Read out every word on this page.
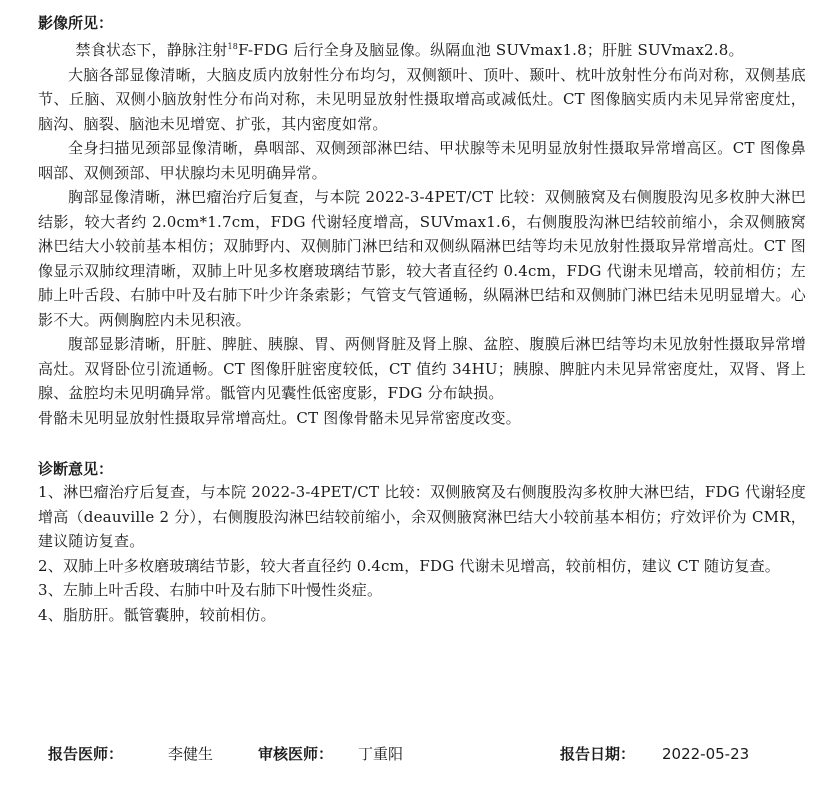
影像所见：

禁食状态下，静脉注射$^{18}$F-FDG 后行全身及脑显像。纵隔血池 SUVmax1.8；肝脏 SUVmax2.8。

大脑各部显像清晰，大脑皮质内放射性分布均匀，双侧额叶、顶叶、颞叶、枕叶放射性分布尚对称，双侧基底节、丘脑、双侧小脑放射性分布尚对称，未见明显放射性摄取增高或减低灶。CT 图像脑实质内未见异常密度灶，脑沟、脑裂、脑池未见增宽、扩张，其内密度如常。

全身扫描见颈部显像清晰，鼻咽部、双侧颈部淋巴结、甲状腺等未见明显放射性摄取异常增高区。CT 图像鼻咽部、双侧颈部、甲状腺均未见明确异常。

胸部显像清晰，淋巴瘤治疗后复查，与本院 2022-3-4PET/CT 比较：双侧腋窝及右侧腹股沟见多枚肿大淋巴结影，较大者约 2.0cm*1.7cm，FDG 代谢轻度增高，SUVmax1.6，右侧腹股沟淋巴结较前缩小，余双侧腋窝淋巴结大小较前基本相仿；双肺野内、双侧肺门淋巴结和双侧纵隔淋巴结等均未见放射性摄取异常增高灶。CT 图像显示双肺纹理清晰，双肺上叶见多枚磨玻璃结节影，较大者直径约 0.4cm，FDG 代谢未见增高，较前相仿；左肺上叶舌段、右肺中叶及右肺下叶少许条索影；气管支气管通畅，纵隔淋巴结和双侧肺门淋巴结未见明显增大。心影不大。两侧胸腔内未见积液。

腹部显影清晰，肝脏、脾脏、胰腺、胃、两侧肾脏及肾上腺、盆腔、腹膜后淋巴结等均未见放射性摄取异常增高灶。双肾卧位引流通畅。CT 图像肝脏密度较低，CT 值约 34HU；胰腺、脾脏内未见异常密度灶，双肾、肾上腺、盆腔均未见明确异常。骶管内见囊性低密度影，FDG 分布缺损。

骨骼未见明显放射性摄取异常增高灶。CT 图像骨骼未见异常密度改变。

诊断意见：

1、淋巴瘤治疗后复查，与本院 2022-3-4PET/CT 比较：双侧腋窝及右侧腹股沟多枚肿大淋巴结，FDG 代谢轻度增高（deauville 2 分），右侧腹股沟淋巴结较前缩小，余双侧腋窝淋巴结大小较前基本相仿；疗效评价为 CMR，建议随访复查。

2、双肺上叶多枚磨玻璃结节影，较大者直径约 0.4cm，FDG 代谢未见增高，较前相仿，建议 CT 随访复查。

3、左肺上叶舌段、右肺中叶及右肺下叶慢性炎症。

4、脂肪肝。骶管囊肿，较前相仿。

报告医师：	李健生	审核医师： 丁重阳	报告日期： 2022-05-23
